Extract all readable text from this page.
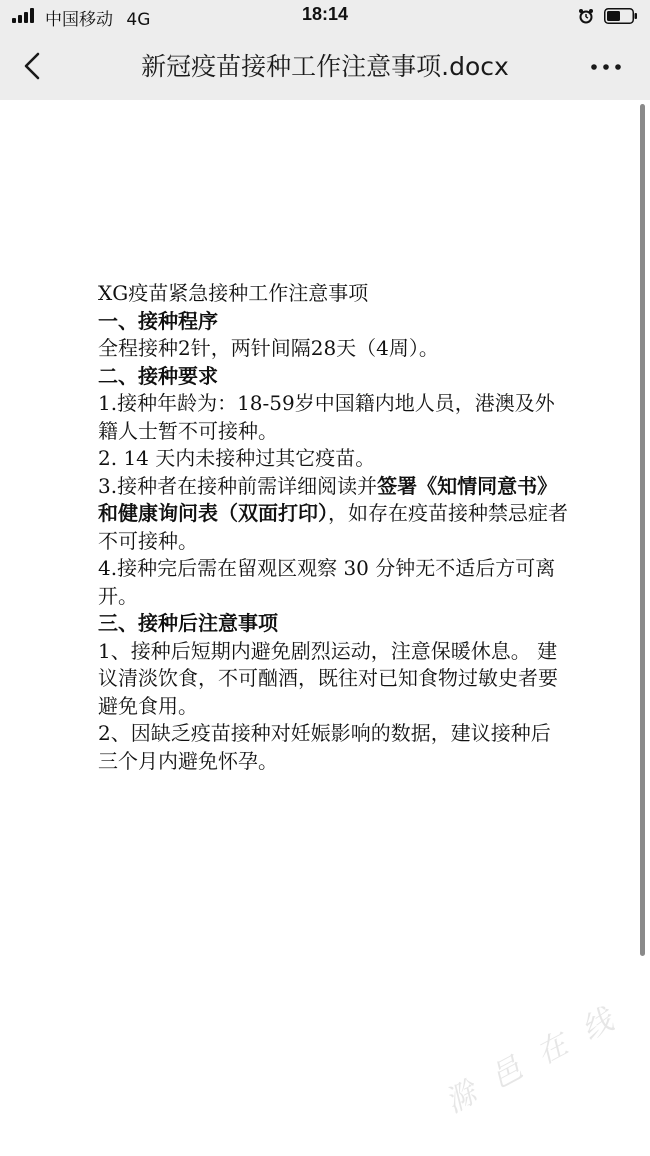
中国移动 4G	18:14
新冠疫苗接种工作注意事项.docx

XG疫苗紧急接种工作注意事项

一、接种程序

全程接种2针，两针间隔28天（4周）。

二、接种要求

1.接种年龄为：18-59岁中国籍内地人员，港澳及外籍人士暂不可接种。

2. 14 天内未接种过其它疫苗。

3.接种者在接种前需详细阅读并签署《知情同意书》和健康询问表（双面打印），如存在疫苗接种禁忌症者不可接种。

4.接种完后需在留观区观察 30 分钟无不适后方可离开。

三、接种后注意事项

1、接种后短期内避免剧烈运动，注意保暖休息。 建议清淡饮食，不可酗酒，既往对已知食物过敏史者要避免食用。

2、因缺乏疫苗接种对妊娠影响的数据，建议接种后三个月内避免怀孕。

滁 邑 在 线
